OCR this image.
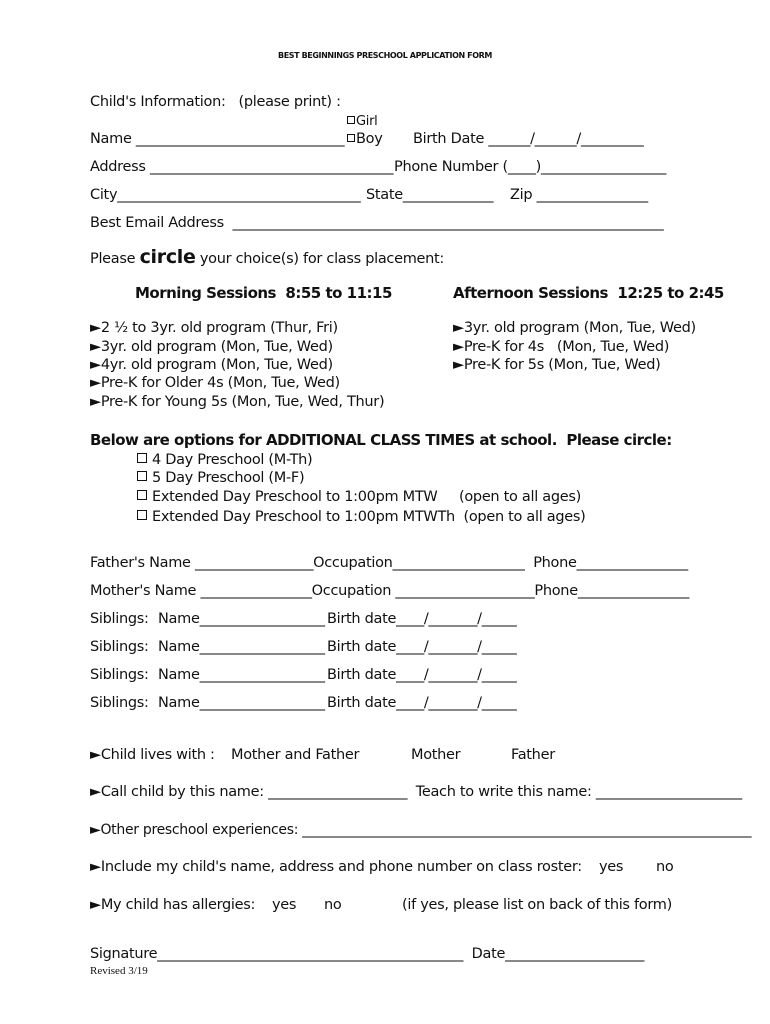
BEST BEGINNINGS PRESCHOOL APPLICATION FORM
Child's Information:   (please print) :
Girl
Name ______________________________ Boy Birth Date ______/______/_________
Address ___________________________________ Phone Number (____)__________________
City___________________________________ State_____________ Zip ________________
Best Email Address  ______________________________________________________________
Please circle your choice(s) for class placement:
Morning Sessions  8:55 to 11:15	Afternoon Sessions  12:25 to 2:45
►2 ½ to 3yr. old program (Thur, Fri)
►3yr. old program (Mon, Tue, Wed)
►4yr. old program (Mon, Tue, Wed)
►Pre-K for Older 4s (Mon, Tue, Wed)
►Pre-K for Young 5s (Mon, Tue, Wed, Thur)
►3yr. old program (Mon, Tue, Wed)
►Pre-K for 4s   (Mon, Tue, Wed)
►Pre-K for 5s (Mon, Tue, Wed)
Below are options for ADDITIONAL CLASS TIMES at school.  Please circle:
4 Day Preschool (M-Th)
5 Day Preschool (M-F)
Extended Day Preschool to 1:00pm MTW     (open to all ages)
Extended Day Preschool to 1:00pm MTWTh  (open to all ages)
Father's Name _________________Occupation___________________  Phone________________
Mother's Name ________________Occupation ____________________Phone________________
Siblings: Name__________________ Birth date____/_______/_____
Siblings: Name__________________ Birth date____/_______/_____
Siblings: Name__________________ Birth date____/_______/_____
Siblings: Name__________________ Birth date____/_______/_____
►Child lives with : Mother and Father	Mother	Father
►Call child by this name: ____________________  Teach to write this name: _____________________
►Other preschool experiences: ___________________________________________________________________
►Include my child's name, address and phone number on class roster: yes no
►My child has allergies: yes no	(if yes, please list on back of this form)
Signature____________________________________________  Date____________________
Revised 3/19
